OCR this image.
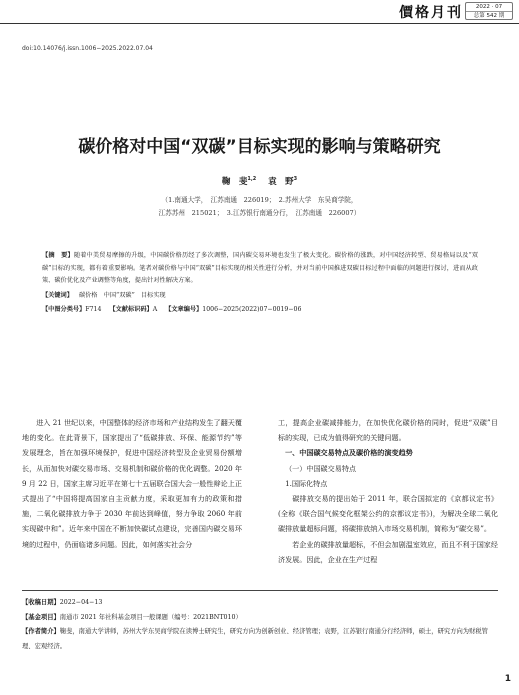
價格月刊	2022 · 07
总第 542 期
doi:10.14076/j.issn.1006−2025.2022.07.04
碳价格对中国“双碳”目标实现的影响与策略研究
鞠　斐$^{1,2}$ 袁　野$^3$
（1.南通大学，　江苏南通　226019；　2.苏州大学　东吴商学院，
江苏苏州　215021；　3.江苏银行南通分行，　江苏南通　226007）

【摘　要】随着中美贸易摩擦的升级，中国碳价格历经了多次调整，国内碳交易环境也发生了极大变化。碳价格的涨跌，对中国经济转型、贸易格局以及“双碳”目标的实现，都有着重要影响。笔者对碳价格与中国“双碳”目标实现的相关性进行分析，并对当前中国推进双碳目标过程中面临的问题进行探讨，进而从政策、碳价优化及产业调整等角度，提出针对性解决方案。

【关键词】 碳价格　中国“双碳”　目标实现

【中图分类号】F714 【文献标识码】A 【文章编号】1006−2025(2022)07−0019−06

进入 21 世纪以来，中国整体的经济市场和产业结构发生了翻天覆地的变化。在此背景下，国家提出了“低碳排放、环保、能源节约”等发展理念，旨在加强环境保护，促进中国经济转型及企业贸易份额增长，从而加快对碳交易市场、交易机制和碳价格的优化调整。2020 年 9 月 22 日，国家主席习近平在第七十五届联合国大会一般性辩论上正式提出了“中国将提高国家自主贡献力度，采取更加有力的政策和措施，二氧化碳排放力争于 2030 年前达到峰值，努力争取 2060 年前实现碳中和”。近年来中国在不断加快碳试点建设，完善国内碳交易环境的过程中，仍面临诸多问题。因此，如何落实社会分

工，提高企业碳减排能力，在加快优化碳价格的同时，促进“双碳”目标的实现，已成为值得研究的关键问题。

一、中国碳交易特点及碳价格的演变趋势

（一）中国碳交易特点

1.国际化特点

碳排放交易的提出始于 2011 年，联合国拟定的《京都议定书》(全称《联合国气候变化框架公约的京都议定书》)，为解决全球二氧化碳排放量超标问题，将碳排放纳入市场交易机制，简称为“碳交易”。

若企业的碳排放量超标，不但会加剧温室效应，而且不利于国家经济发展。因此，企业在生产过程

【收稿日期】2022−04−13

【基金项目】南通市 2021 年社科基金项目一般课题（编号：2021BNT010）

【作者简介】鞠斐，南通大学讲师，苏州大学东吴商学院在读博士研究生，研究方向为创新创业、经济管理；袁野，江苏银行南通分行经济师，硕士，研究方向为财税管理、宏观经济。

1
